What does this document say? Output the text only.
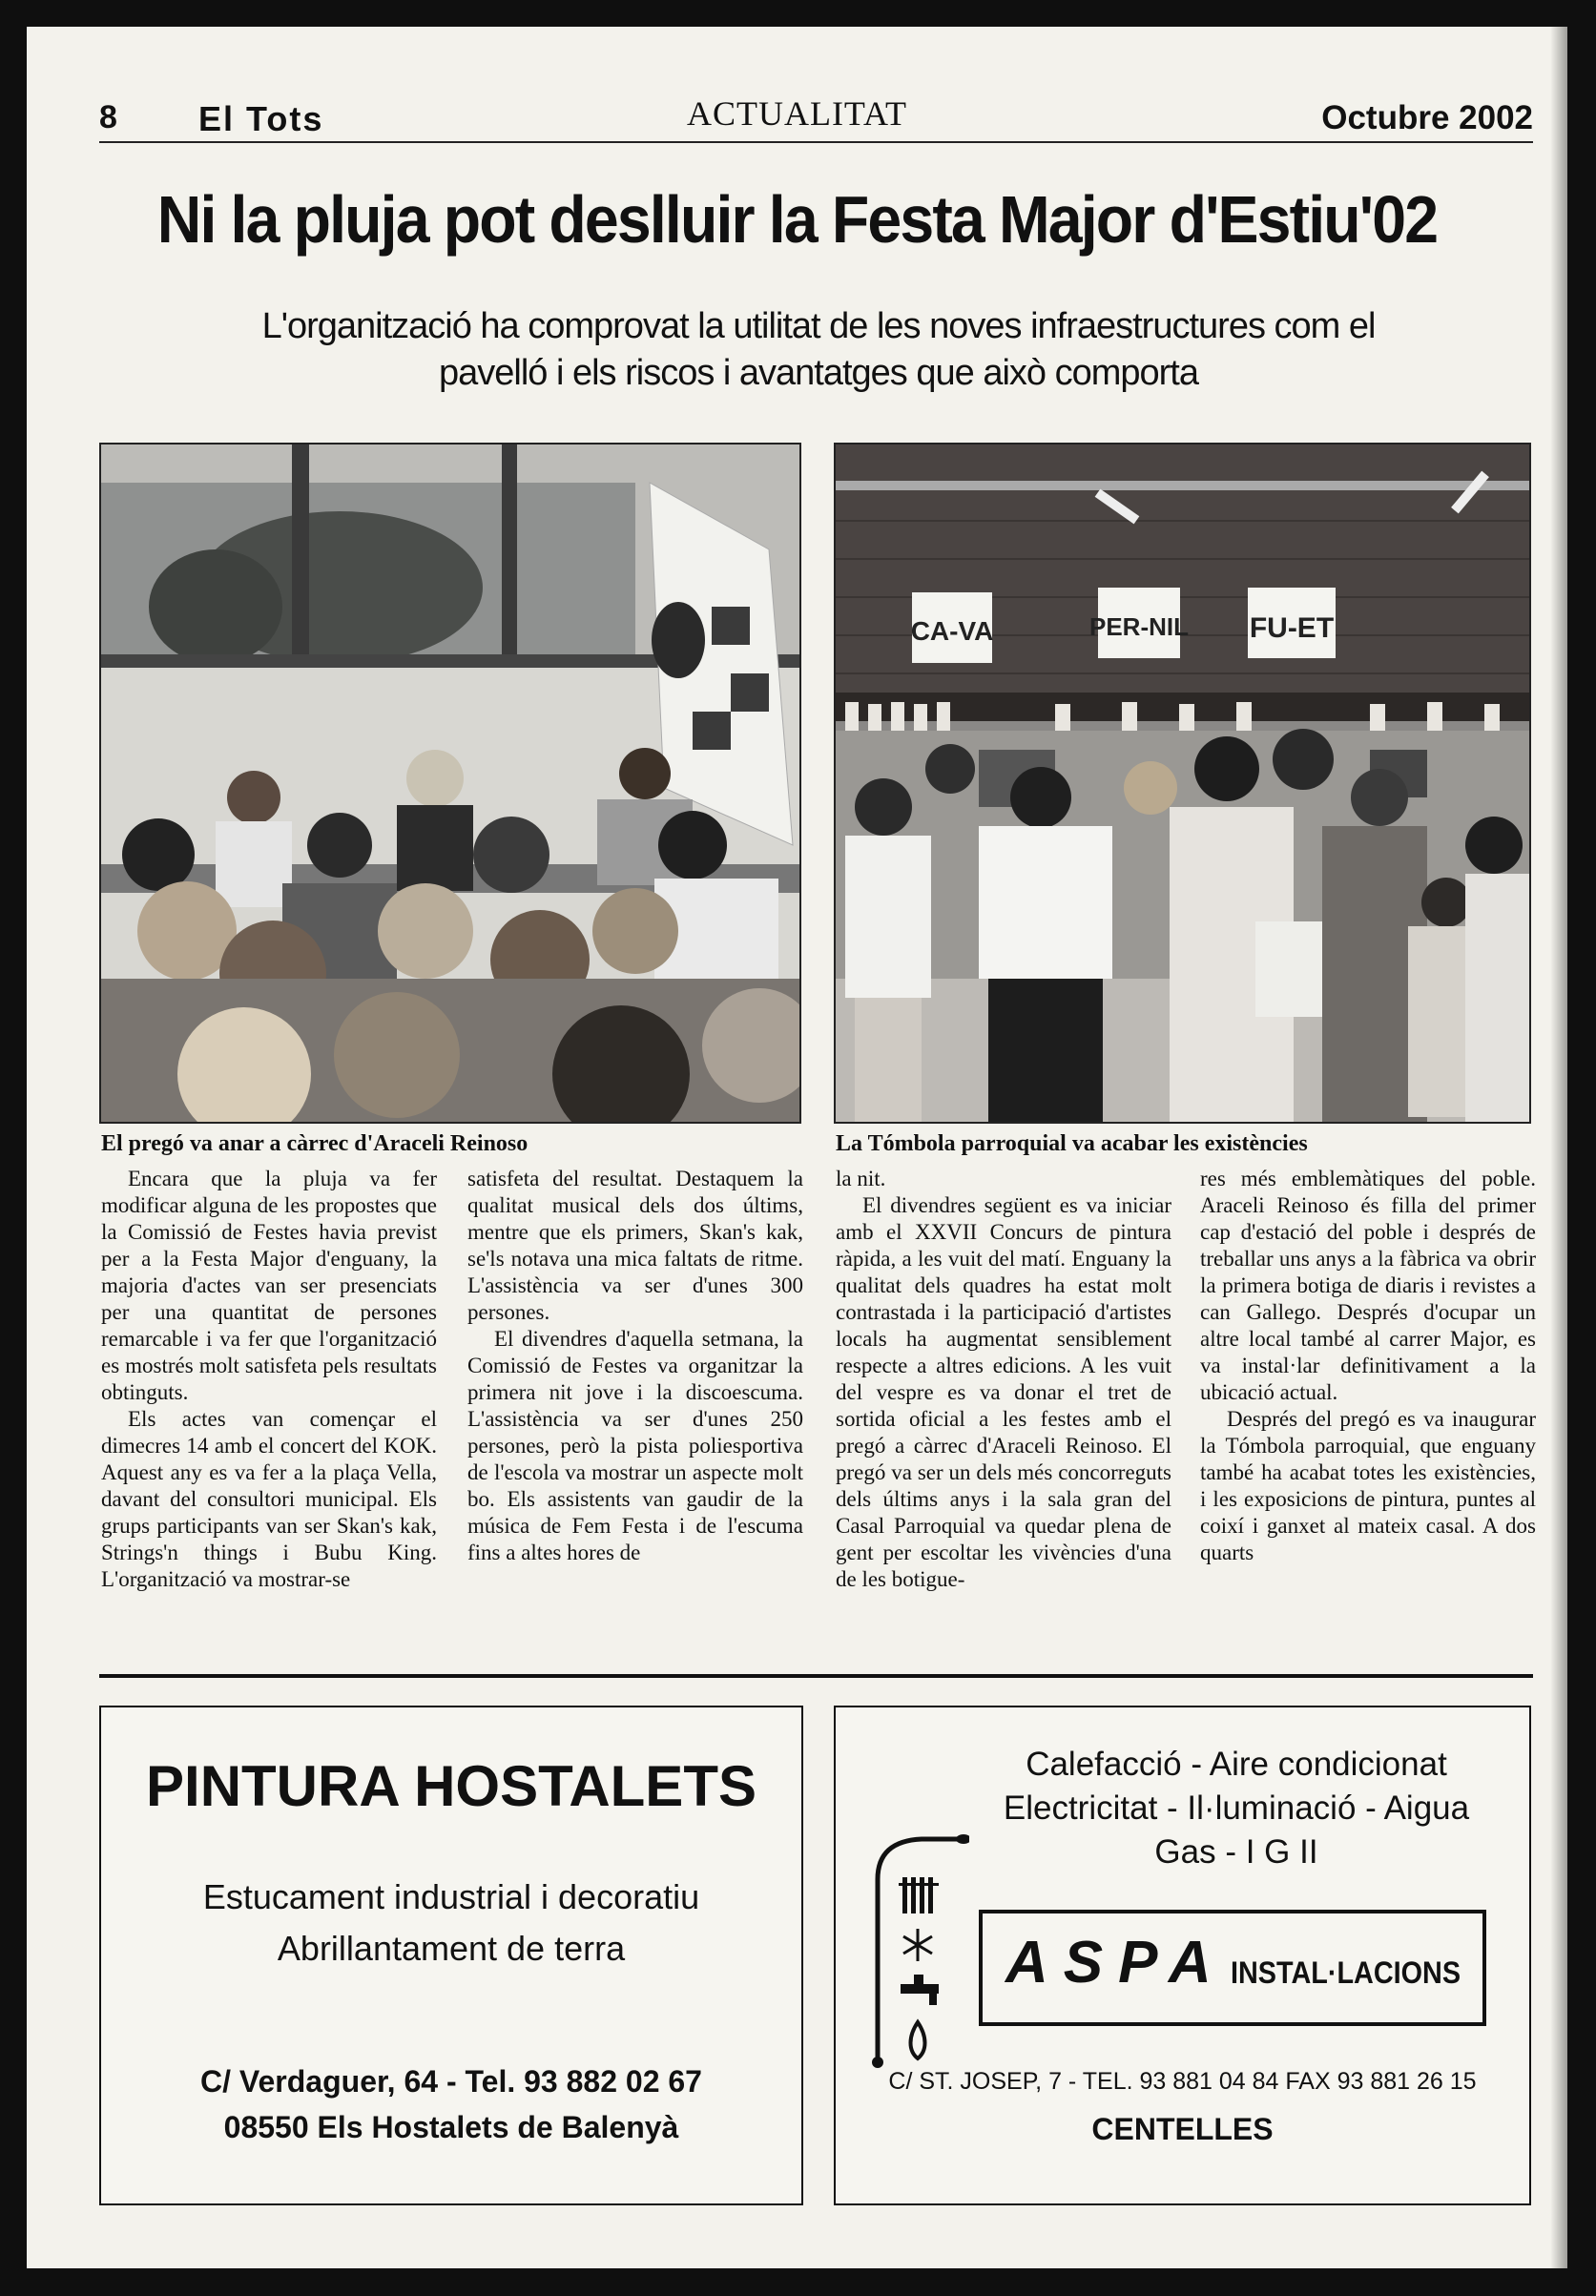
8 El Tots	ACTUALITAT	Octubre 2002
Ni la pluja pot deslluir la Festa Major d'Estiu'02
L'organització ha comprovat la utilitat de les noves infraestructures com el pavelló i els riscos i avantatges que això comporta
CA-VA	PER-NIL FU-ET
El pregó va anar a càrrec d'Araceli Reinoso	La Tómbola parroquial va acabar les existències

Encara que la pluja va fer modificar alguna de les propostes que la Comissió de Festes havia previst per a la Festa Major d'enguany, la majoria d'actes van ser presenciats per una quantitat de persones remarcable i va fer que l'organització es mostrés molt satisfeta pels resultats obtinguts.

Els actes van començar el dimecres 14 amb el concert del KOK. Aquest any es va fer a la plaça Vella, davant del consultori municipal. Els grups participants van ser Skan's kak, Strings'n things i Bubu King. L'organització va mostrar-se

satisfeta del resultat. Destaquem la qualitat musical dels dos últims, mentre que els primers, Skan's kak, se'ls notava una mica faltats de ritme. L'assistència va ser d'unes 300 persones.

El divendres d'aquella setmana, la Comissió de Festes va organitzar la primera nit jove i la discoescuma. L'assistència va ser d'unes 250 persones, però la pista poliesportiva de l'escola va mostrar un aspecte molt bo. Els assistents van gaudir de la música de Fem Festa i de l'escuma fins a altes hores de

la nit.

El divendres següent es va iniciar amb el XXVII Concurs de pintura ràpida, a les vuit del matí. Enguany la qualitat dels quadres ha estat molt contrastada i la participació d'artistes locals ha augmentat sensiblement respecte a altres edicions. A les vuit del vespre es va donar el tret de sortida oficial a les festes amb el pregó a càrrec d'Araceli Reinoso. El pregó va ser un dels més concorreguts dels últims anys i la sala gran del Casal Parroquial va quedar plena de gent per escoltar les vivències d'una de les botigue-

res més emblemàtiques del poble. Araceli Reinoso és filla del primer cap d'estació del poble i després de treballar uns anys a la fàbrica va obrir la primera botiga de diaris i revistes a can Gallego. Després d'ocupar un altre local també al carrer Major, es va instal·lar definitivament a la ubicació actual.

Després del pregó es va inaugurar la Tómbola parroquial, que enguany també ha acabat totes les existències, i les exposicions de pintura, puntes al coixí i ganxet al mateix casal. A dos quarts

PINTURA HOSTALETS
Estucament industrial i decoratiu
Abrillantament de terra
C/ Verdaguer, 64 - Tel. 93 882 02 67
08550 Els Hostalets de Balenyà
Calefacció - Aire condicionat
Electricitat - Il·luminació - Aigua
Gas - I G II
ASPA INSTAL·LACIONS
C/ ST. JOSEP, 7 - TEL. 93 881 04 84 FAX 93 881 26 15
CENTELLES
